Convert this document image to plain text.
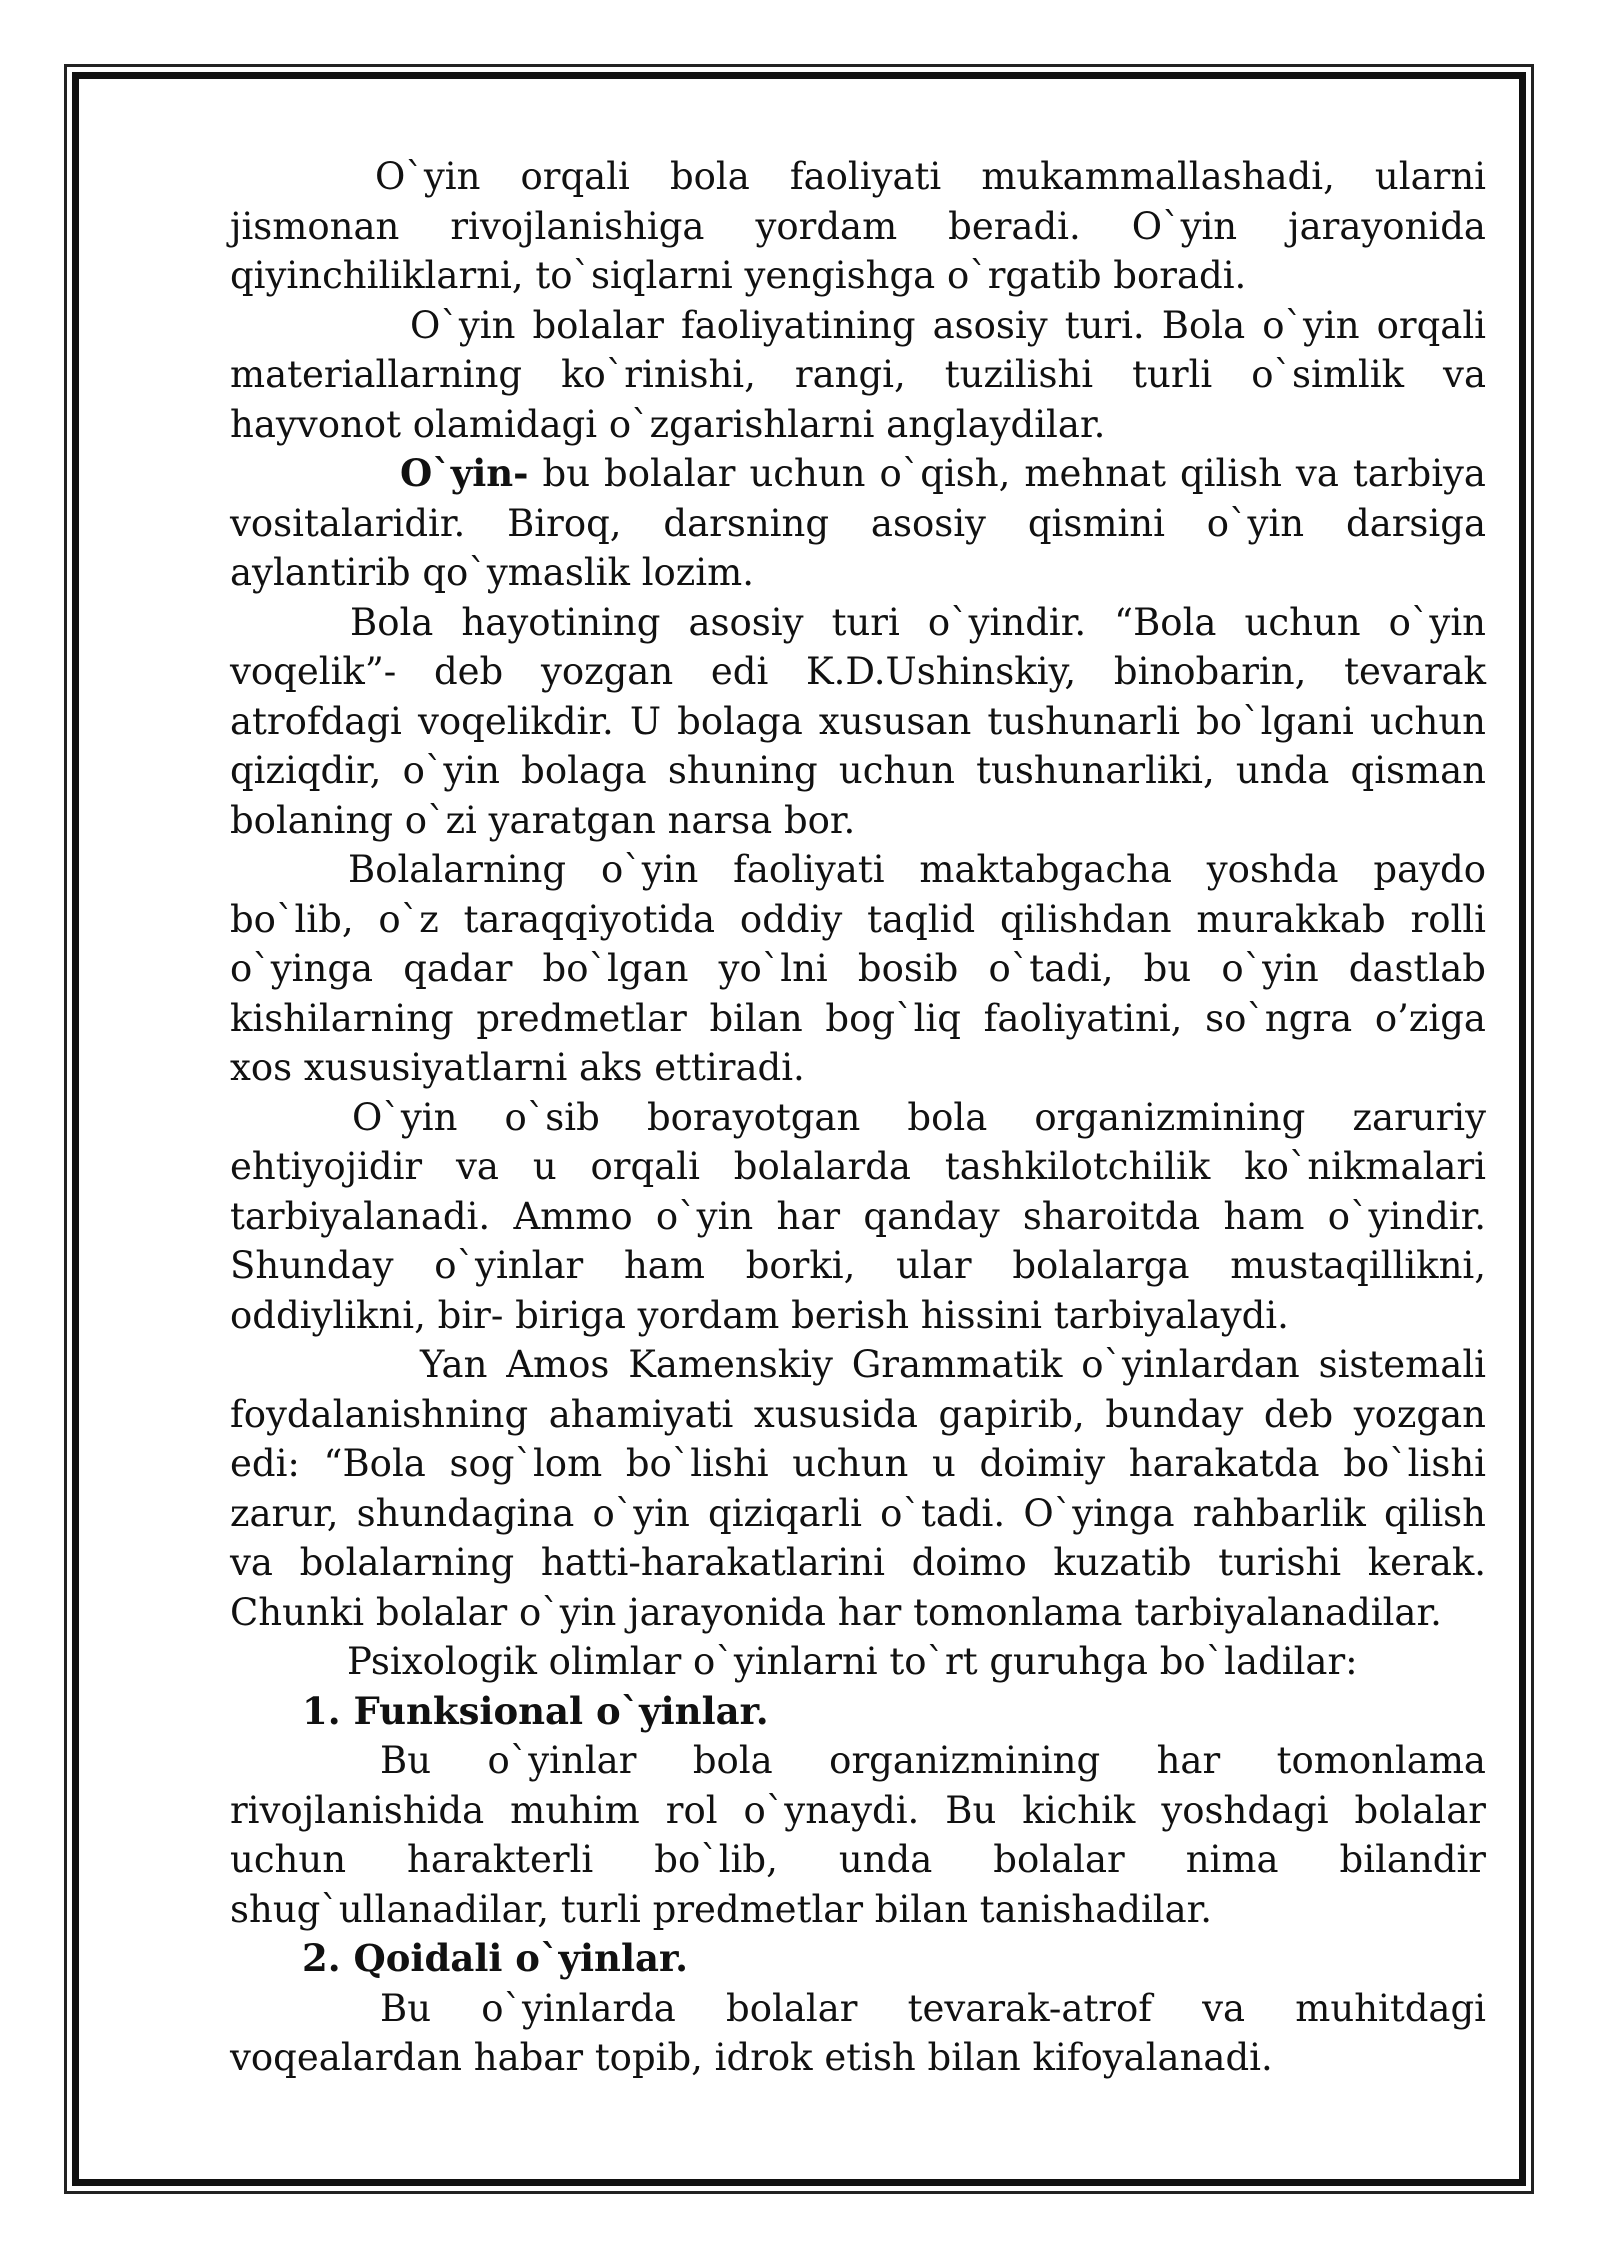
O`yin orqali bola faoliyati mukammallashadi, ularni jismonan rivojlanishiga yordam beradi. O`yin jarayonida qiyinchiliklarni, to`siqlarni yengishga o`rgatib boradi.

O`yin bolalar faoliyatining asosiy turi. Bola o`yin orqali materiallarning ko`rinishi, rangi, tuzilishi turli o`simlik va hayvonot olamidagi o`zgarishlarni anglaydilar.

O`yin- bu bolalar uchun o`qish, mehnat qilish va tarbiya vositalaridir. Biroq, darsning asosiy qismini o`yin darsiga aylantirib qo`ymaslik lozim.

Bola hayotining asosiy turi o`yindir. “Bola uchun o`yin voqelik”- deb yozgan edi K.D.Ushinskiy, binobarin, tevarak atrofdagi voqelikdir. U bolaga xususan tushunarli bo`lgani uchun qiziqdir, o`yin bolaga shuning uchun tushunarliki, unda qisman bolaning o`zi yaratgan narsa bor.

Bolalarning o`yin faoliyati maktabgacha yoshda paydo bo`lib, o`z taraqqiyotida oddiy taqlid qilishdan murakkab rolli o`yinga qadar bo`lgan yo`lni bosib o`tadi, bu o`yin dastlab kishilarning predmetlar bilan bog`liq faoliyatini, so`ngra o’ziga xos xususiyatlarni aks ettiradi.

O`yin o`sib borayotgan bola organizmining zaruriy ehtiyojidir va u orqali bolalarda tashkilotchilik ko`nikmalari tarbiyalanadi. Ammo o`yin har qanday sharoitda ham o`yindir. Shunday o`yinlar ham borki, ular bolalarga mustaqillikni, oddiylikni, bir- biriga yordam berish hissini tarbiyalaydi.

Yan Amos Kamenskiy Grammatik o`yinlardan sistemali foydalanishning ahamiyati xususida gapirib, bunday deb yozgan edi: “Bola sog`lom bo`lishi uchun u doimiy harakatda bo`lishi zarur, shundagina o`yin qiziqarli o`tadi. O`yinga rahbarlik qilish va bolalarning hatti-harakatlarini doimo kuzatib turishi kerak. Chunki bolalar o`yin jarayonida har tomonlama tarbiyalanadilar.

Psixologik olimlar o`yinlarni to`rt guruhga bo`ladilar:

1. Funksional o`yinlar.

Bu o`yinlar bola organizmining har tomonlama rivojlanishida muhim rol o`ynaydi. Bu kichik yoshdagi bolalar uchun harakterli bo`lib, unda bolalar nima bilandir shug`ullanadilar, turli predmetlar bilan tanishadilar.

2. Qoidali o`yinlar.

Bu o`yinlarda bolalar tevarak-atrof va muhitdagi voqealardan habar topib, idrok etish bilan kifoyalanadi.
